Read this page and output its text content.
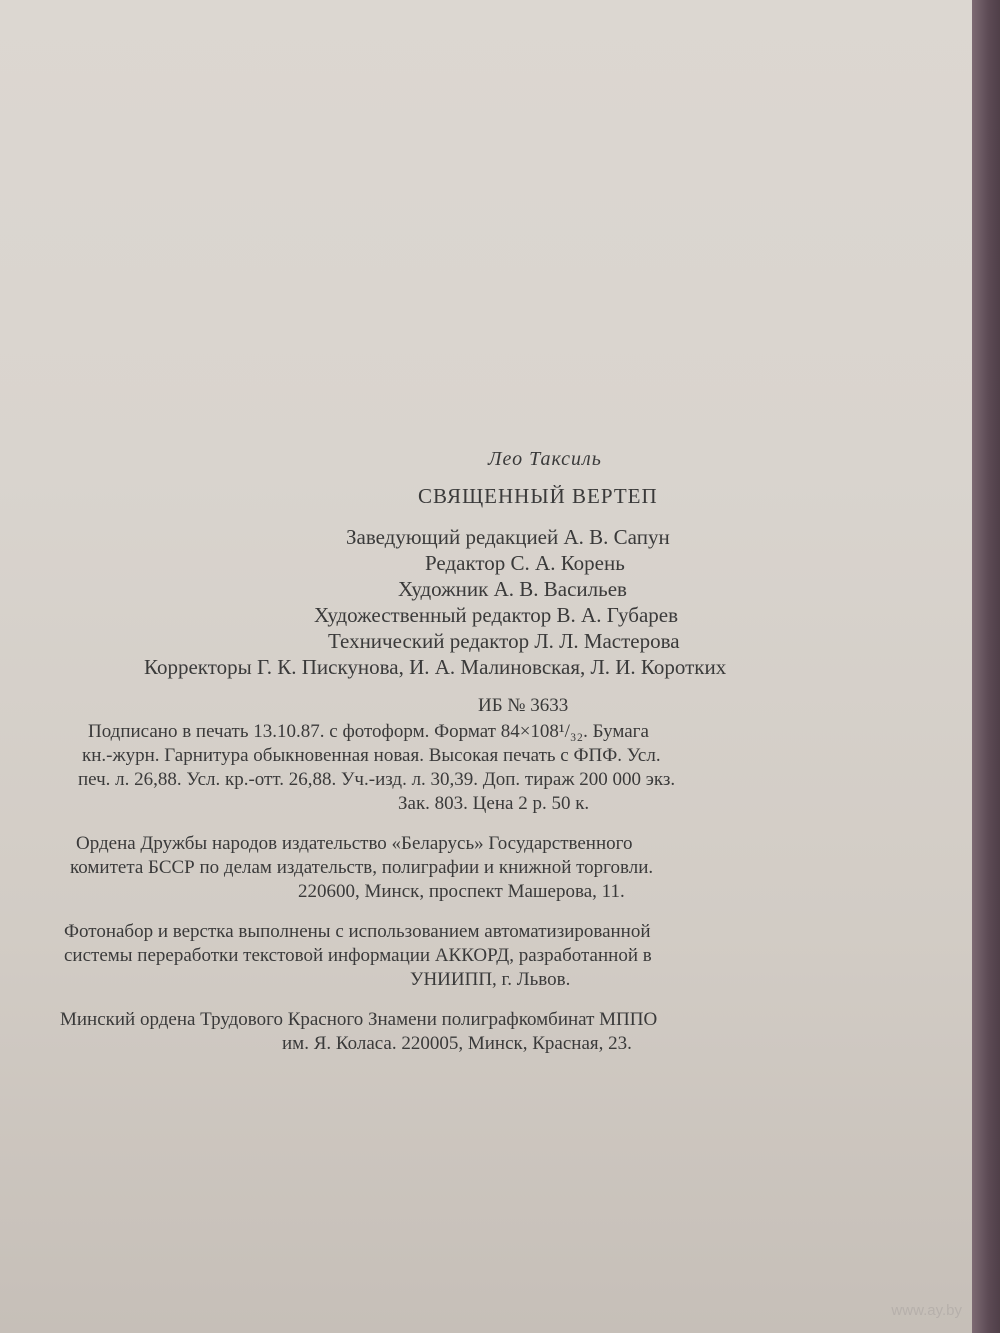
Лео Таксиль
СВЯЩЕННЫЙ ВЕРТЕП
Заведующий редакцией А. В. Сапун
Редактор С. А. Корень
Художник А. В. Васильев
Художественный редактор В. А. Губарев
Технический редактор Л. Л. Мастерова
Корректоры Г. К. Пискунова, И. А. Малиновская, Л. И. Коротких
ИБ № 3633
Подписано в печать 13.10.87. с фотоформ. Формат 84×108¹/₃₂. Бумага
кн.-журн. Гарнитура обыкновенная новая. Высокая печать с ФПФ. Усл.
печ. л. 26,88. Усл. кр.-отт. 26,88. Уч.-изд. л. 30,39. Доп. тираж 200 000 экз.
Зак. 803. Цена 2 р. 50 к.
Ордена Дружбы народов издательство «Беларусь» Государственного
комитета БССР по делам издательств, полиграфии и книжной торговли.
220600, Минск, проспект Машерова, 11.
Фотонабор и верстка выполнены с использованием автоматизированной
системы переработки текстовой информации АККОРД, разработанной в
УНИИПП, г. Львов.
Минский ордена Трудового Красного Знамени полиграфкомбинат МППО
им. Я. Коласа. 220005, Минск, Красная, 23.
www.ay.by
